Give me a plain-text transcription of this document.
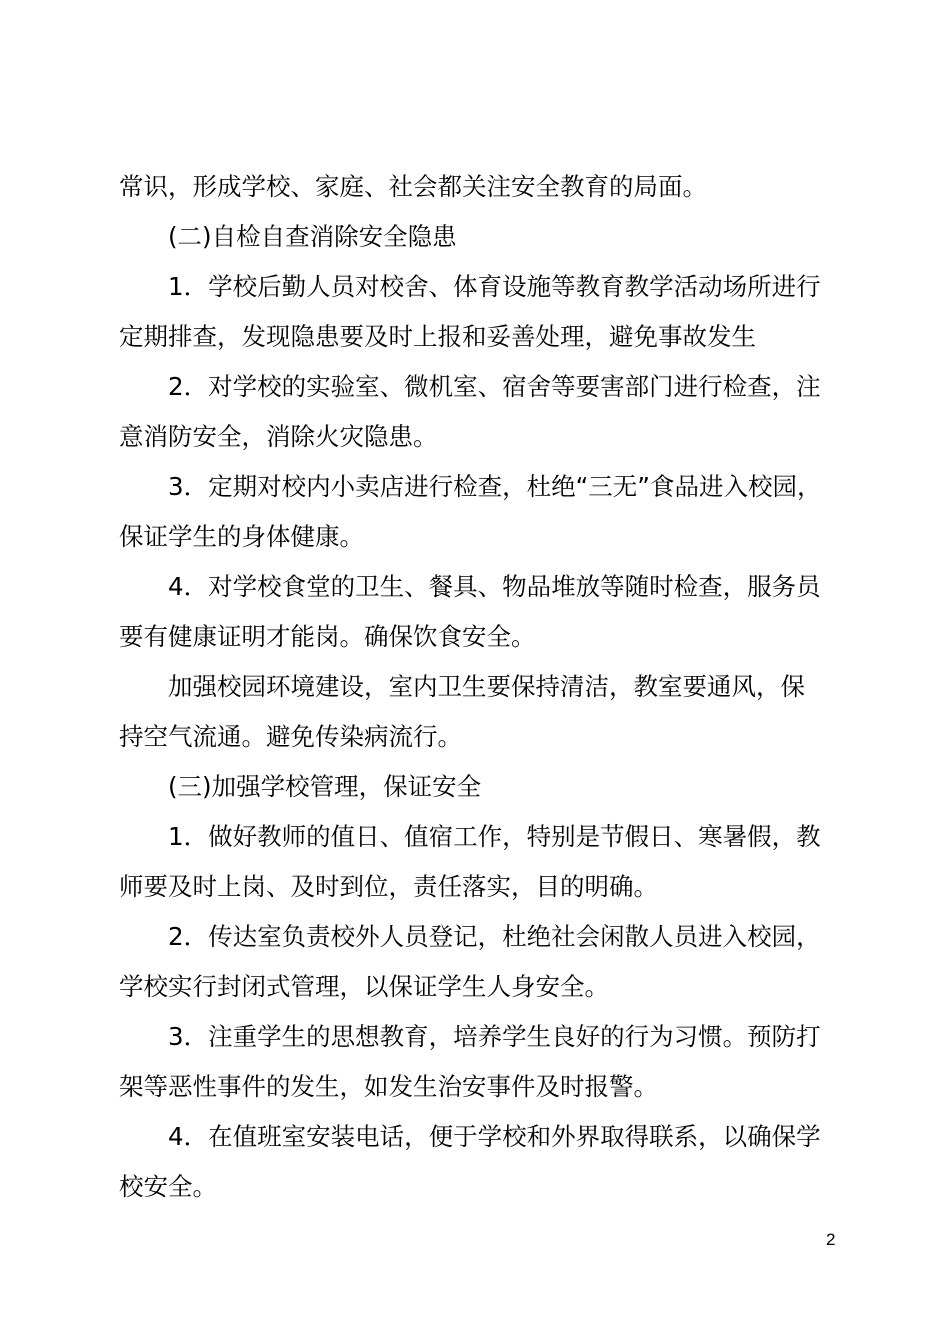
常识，形成学校、家庭、社会都关注安全教育的局面。
(二)自检自查消除安全隐患
1．学校后勤人员对校舍、体育设施等教育教学活动场所进行
定期排查，发现隐患要及时上报和妥善处理，避免事故发生
2．对学校的实验室、微机室、宿舍等要害部门进行检查，注
意消防安全，消除火灾隐患。
3．定期对校内小卖店进行检查，杜绝“三无”食品进入校园，
保证学生的身体健康。
4．对学校食堂的卫生、餐具、物品堆放等随时检查，服务员
要有健康证明才能岗。确保饮食安全。
加强校园环境建设，室内卫生要保持清洁，教室要通风，保
持空气流通。避免传染病流行。
(三)加强学校管理，保证安全
1．做好教师的值日、值宿工作，特别是节假日、寒暑假，教
师要及时上岗、及时到位，责任落实，目的明确。
2．传达室负责校外人员登记，杜绝社会闲散人员进入校园，
学校实行封闭式管理，以保证学生人身安全。
3．注重学生的思想教育，培养学生良好的行为习惯。预防打
架等恶性事件的发生，如发生治安事件及时报警。
4．在值班室安装电话，便于学校和外界取得联系，以确保学
校安全。
2
